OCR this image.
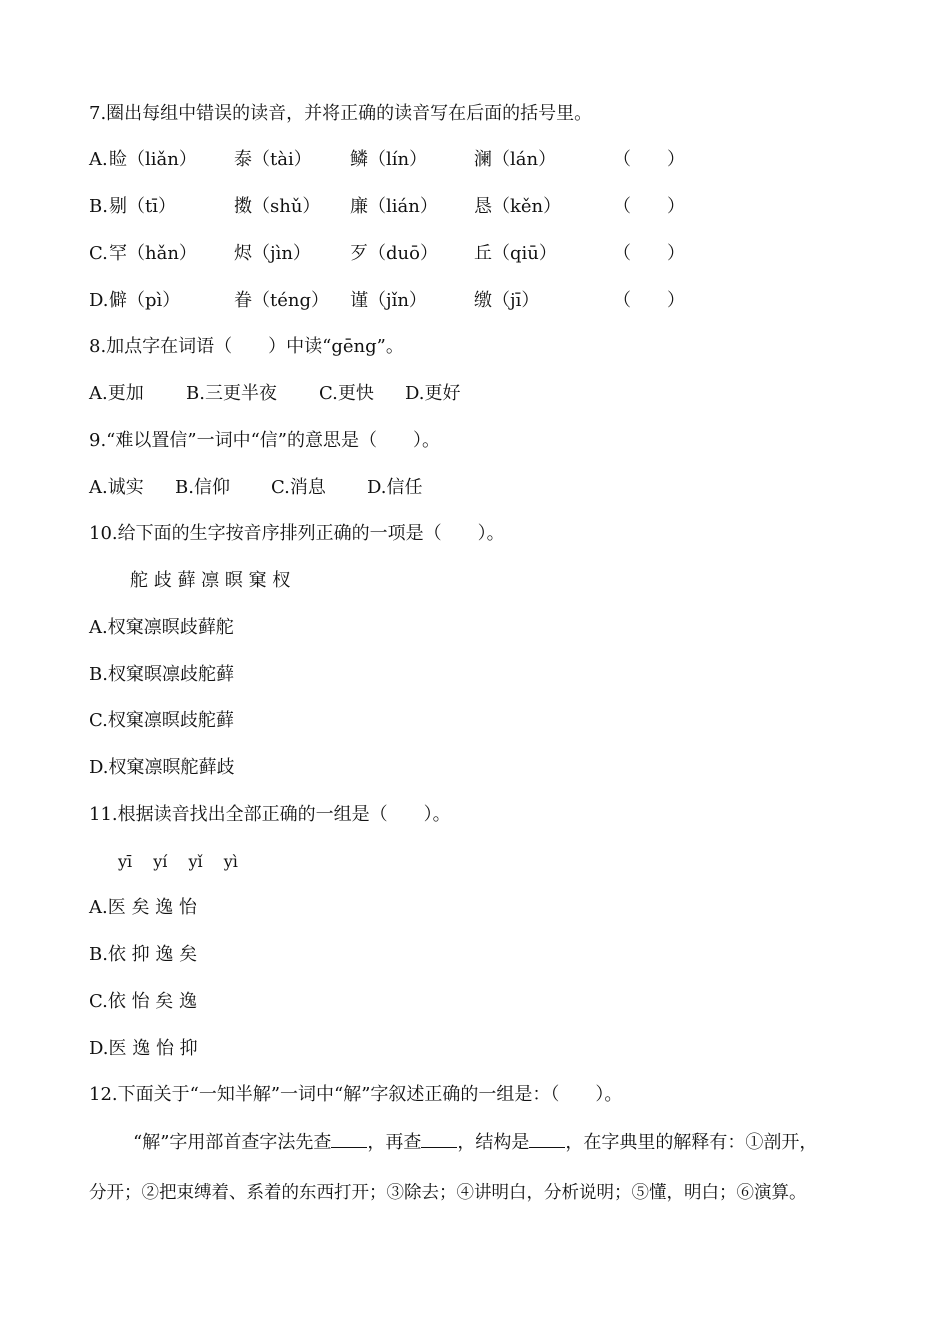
7.圈出每组中错误的读音，并将正确的读音写在后面的括号里。
A. 睑（liǎn） 泰（tài） 鳞（lín）	澜（lán）	（　　）
B. 剔（tī）	擞（shǔ） 廉（lián） 恳（kěn）	（　　）
C. 罕（hǎn） 烬（jìn） 歹（duō） 丘（qiū）	（　　）
D. 僻（pì）	眷（téng） 谨（jǐn）	缴（jī）	（　　）
8.加点字在词语（　　）中读“gēng”。
A.更加 B.三更半夜 C.更快 D.更好
9.“难以置信”一词中“信”的意思是（　　）。
A.诚实 B.信仰 C.消息 D.信任
10.给下面的生字按音序排列正确的一项是（　　）。
舵 歧 藓 凛 暝 窠 杈
A.杈窠凛暝歧藓舵
B.杈窠暝凛歧舵藓
C.杈窠凛暝歧舵藓
D.杈窠凛暝舵藓歧
11.根据读音找出全部正确的一组是（　　）。
yī　 yí　 yǐ　 yì
A.医 矣 逸 怡
B.依 抑 逸 矣
C.依 怡 矣 逸
D.医 逸 怡 抑
12.下面关于“一知半解”一词中“解”字叙述正确的一组是：（　　）。
“解”字用部首查字法先查 ，再查 ，结构是 ，在字典里的解释有：①剖开，
分开；②把束缚着、系着的东西打开；③除去；④讲明白，分析说明；⑤懂，明白；⑥演算。
